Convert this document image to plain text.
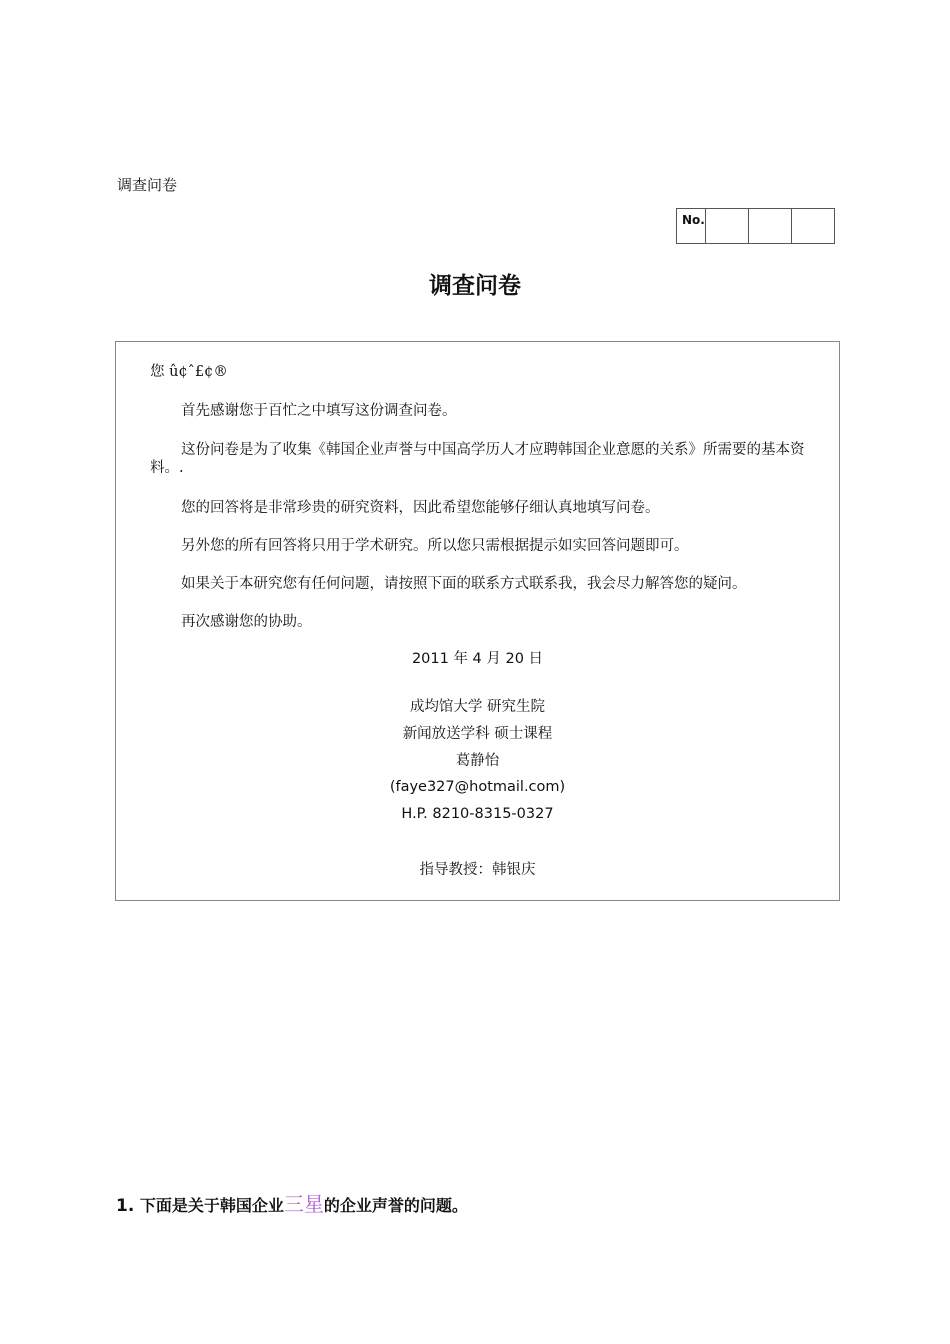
调查问卷
No.			
调查问卷

您 û¢ˆ£¢®

首先感谢您于百忙之中填写这份调查问卷。

这份问卷是为了收集《韩国企业声誉与中国高学历人才应聘韩国企业意愿的关系》所需要的基本资料。.

您的回答将是非常珍贵的研究资料，因此希望您能够仔细认真地填写问卷。

另外您的所有回答将只用于学术研究。所以您只需根据提示如实回答问题即可。

如果关于本研究您有任何问题，请按照下面的联系方式联系我，我会尽力解答您的疑问。

再次感谢您的协助。

2011 年 4 月 20 日

成均馆大学 研究生院

新闻放送学科 硕士课程

葛静怡

(faye327@hotmail.com)

H.P. 8210-8315-0327

指导教授：韩银庆

1. 下面是关于韩国企业三星的企业声誉的问题。
